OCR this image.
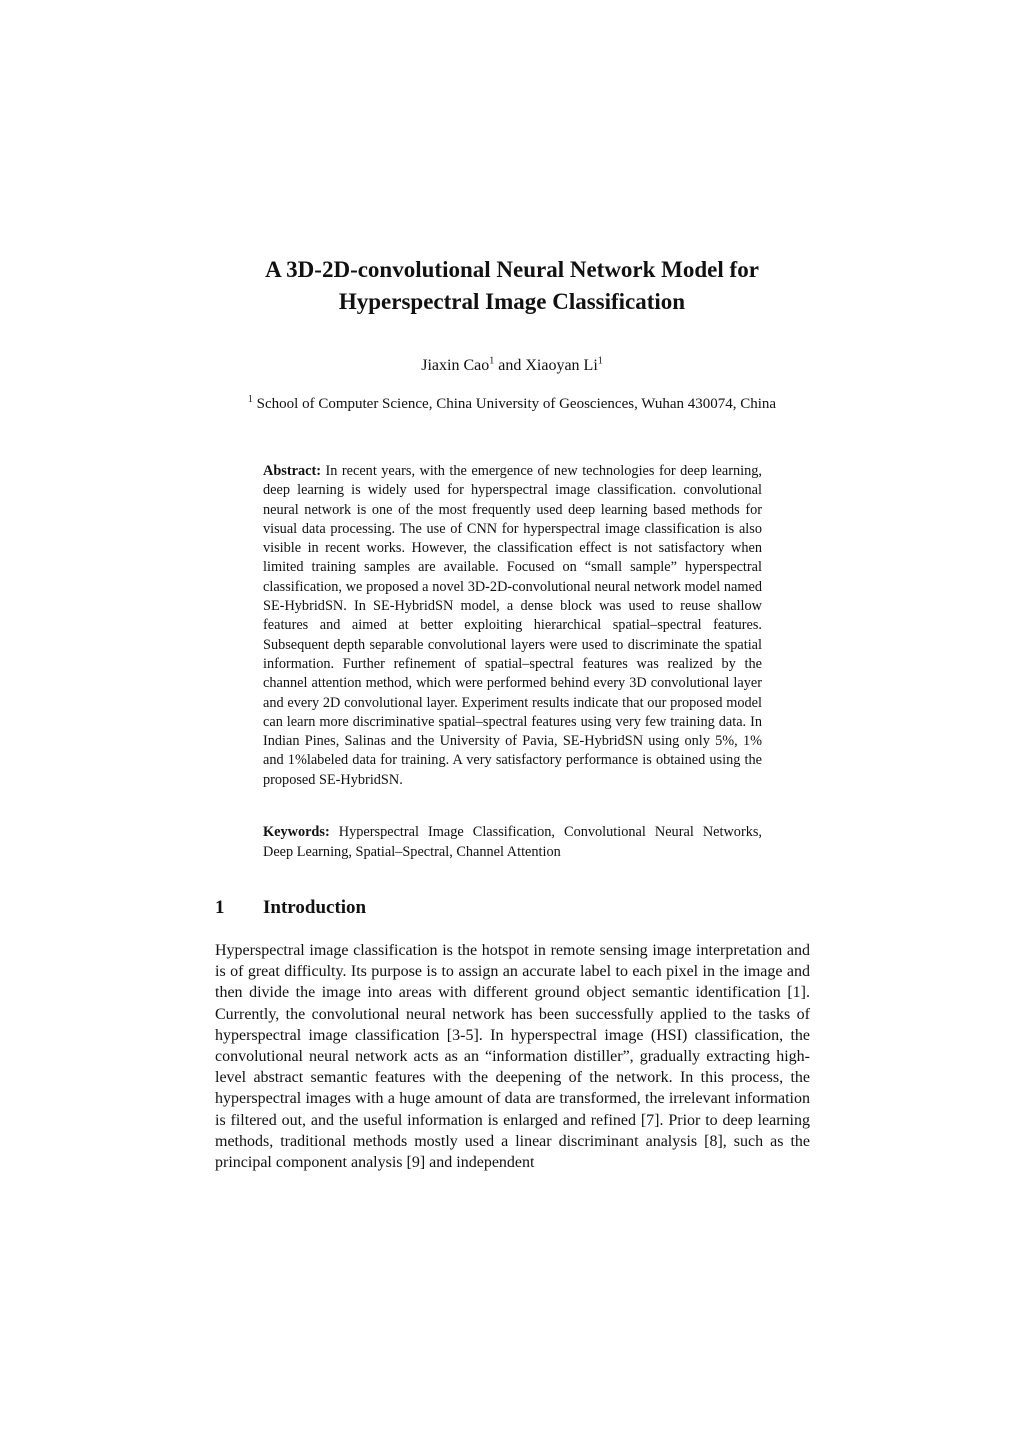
A 3D-2D-convolutional Neural Network Model for
Hyperspectral Image Classification
Jiaxin Cao$^1$ and Xiaoyan Li$^1$
$^1$ School of Computer Science, China University of Geosciences, Wuhan 430074, China

Abstract: In recent years, with the emergence of new technologies for deep learning, deep learning is widely used for hyperspectral image classification. convolutional neural network is one of the most frequently used deep learning based methods for visual data processing. The use of CNN for hyperspectral image classification is also visible in recent works. However, the classification effect is not satisfactory when limited training samples are available. Focused on “small sample” hyperspectral classification, we proposed a novel 3D-2D-convolutional neural network model named SE-HybridSN. In SE-HybridSN model, a dense block was used to reuse shallow features and aimed at better exploiting hierarchical spatial–spectral features. Subsequent depth separable convolutional layers were used to discriminate the spatial information. Further refinement of spatial–spectral features was realized by the channel attention method, which were performed behind every 3D convolutional layer and every 2D convolutional layer. Experiment results indicate that our proposed model can learn more discriminative spatial–spectral features using very few training data. In Indian Pines, Salinas and the University of Pavia, SE-HybridSN using only 5%, 1% and 1%labeled data for training. A very satisfactory performance is obtained using the proposed SE-HybridSN.

Keywords: Hyperspectral Image Classification, Convolutional Neural Networks, Deep Learning, Spatial–Spectral, Channel Attention

1 Introduction

Hyperspectral image classification is the hotspot in remote sensing image interpretation and is of great difficulty. Its purpose is to assign an accurate label to each pixel in the image and then divide the image into areas with different ground object semantic identification [1]. Currently, the convolutional neural network has been successfully applied to the tasks of hyperspectral image classification [3-5]. In hyperspectral image (HSI) classification, the convolutional neural network acts as an “information distiller”, gradually extracting high-level abstract semantic features with the deepening of the network. In this process, the hyperspectral images with a huge amount of data are transformed, the irrelevant information is filtered out, and the useful information is enlarged and refined [7]. Prior to deep learning methods, traditional methods mostly used a linear discriminant analysis [8], such as the principal component analysis [9] and independent
